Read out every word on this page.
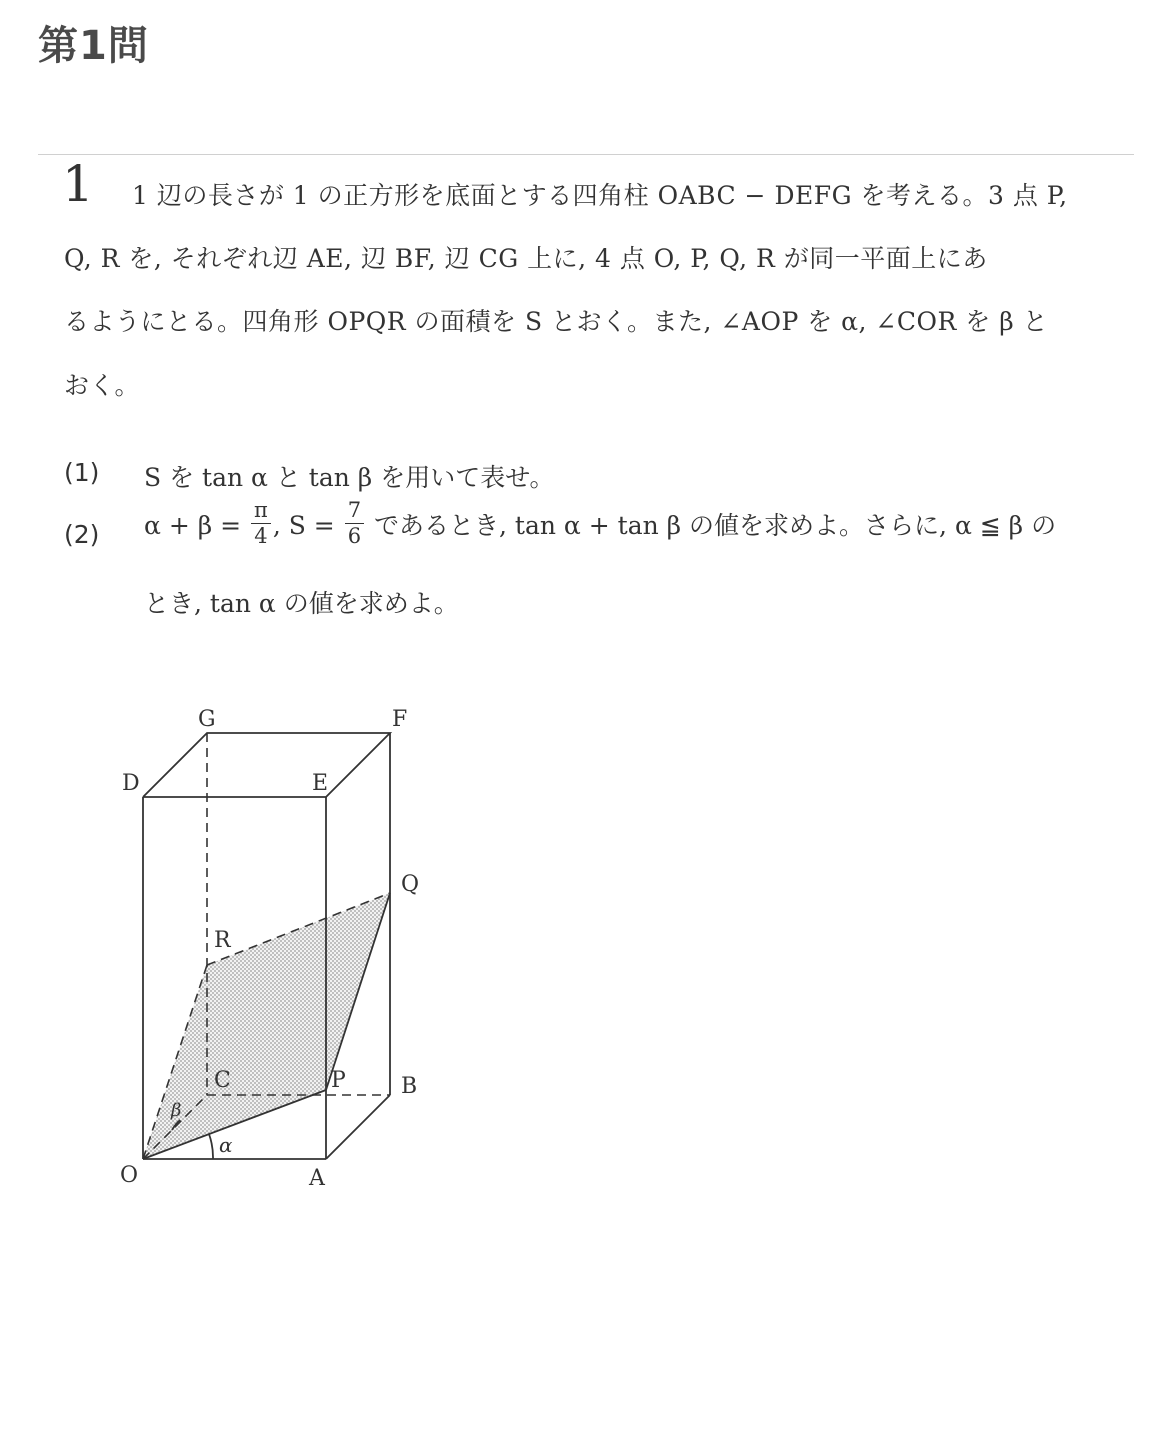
第1問
1 1 辺の長さが 1 の正方形を底面とする四角柱 OABC − DEFG を考える。3 点 P,
Q, R を, それぞれ辺 AE, 辺 BF, 辺 CG 上に, 4 点 O, P, Q, R が同一平面上にあ
るようにとる。四角形 OPQR の面積を S とおく。また, ∠AOP を α, ∠COR を β と
おく。
(1) S を tan α と tan β を用いて表せ。
(2) $\alpha + \beta = \frac{\pi}{4}$ , $S = \frac{7}{6}$ であるとき, tan α + tan β の値を求めよ。さらに, α ≦ β の
とき, tan α の値を求めよ。
G	F
D	E
Q
R
C	P	B
O	A
α
β
